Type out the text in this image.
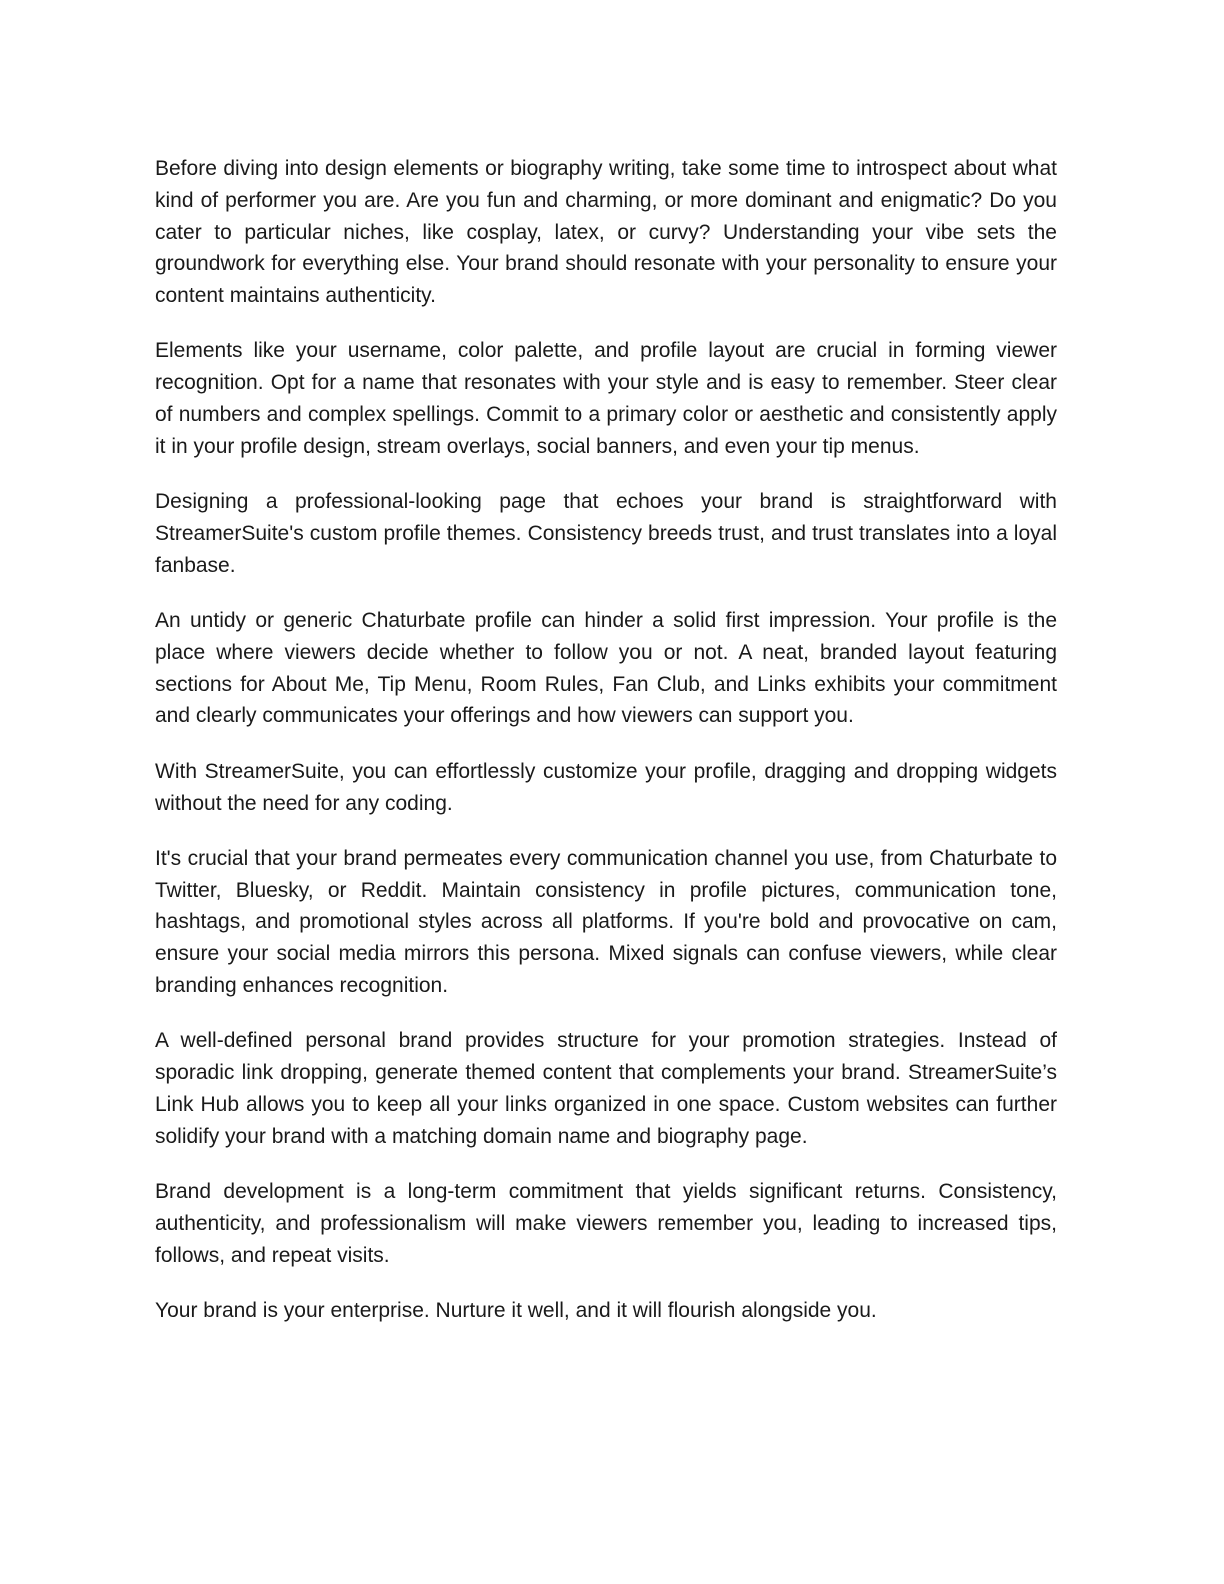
Before diving into design elements or biography writing, take some time to introspect about what kind of performer you are. Are you fun and charming, or more dominant and enigmatic? Do you cater to particular niches, like cosplay, latex, or curvy? Understanding your vibe sets the groundwork for everything else. Your brand should resonate with your personality to ensure your content maintains authenticity.

Elements like your username, color palette, and profile layout are crucial in forming viewer recognition. Opt for a name that resonates with your style and is easy to remember. Steer clear of numbers and complex spellings. Commit to a primary color or aesthetic and consistently apply it in your profile design, stream overlays, social banners, and even your tip menus.

Designing a professional-looking page that echoes your brand is straightforward with StreamerSuite's custom profile themes. Consistency breeds trust, and trust translates into a loyal fanbase.

An untidy or generic Chaturbate profile can hinder a solid first impression. Your profile is the place where viewers decide whether to follow you or not. A neat, branded layout featuring sections for About Me, Tip Menu, Room Rules, Fan Club, and Links exhibits your commitment and clearly communicates your offerings and how viewers can support you.

With StreamerSuite, you can effortlessly customize your profile, dragging and dropping widgets without the need for any coding.

It's crucial that your brand permeates every communication channel you use, from Chaturbate to Twitter, Bluesky, or Reddit. Maintain consistency in profile pictures, communication tone, hashtags, and promotional styles across all platforms. If you're bold and provocative on cam, ensure your social media mirrors this persona. Mixed signals can confuse viewers, while clear branding enhances recognition.

A well-defined personal brand provides structure for your promotion strategies. Instead of sporadic link dropping, generate themed content that complements your brand. StreamerSuite’s Link Hub allows you to keep all your links organized in one space. Custom websites can further solidify your brand with a matching domain name and biography page.

Brand development is a long-term commitment that yields significant returns. Consistency, authenticity, and professionalism will make viewers remember you, leading to increased tips, follows, and repeat visits.

Your brand is your enterprise. Nurture it well, and it will flourish alongside you.
